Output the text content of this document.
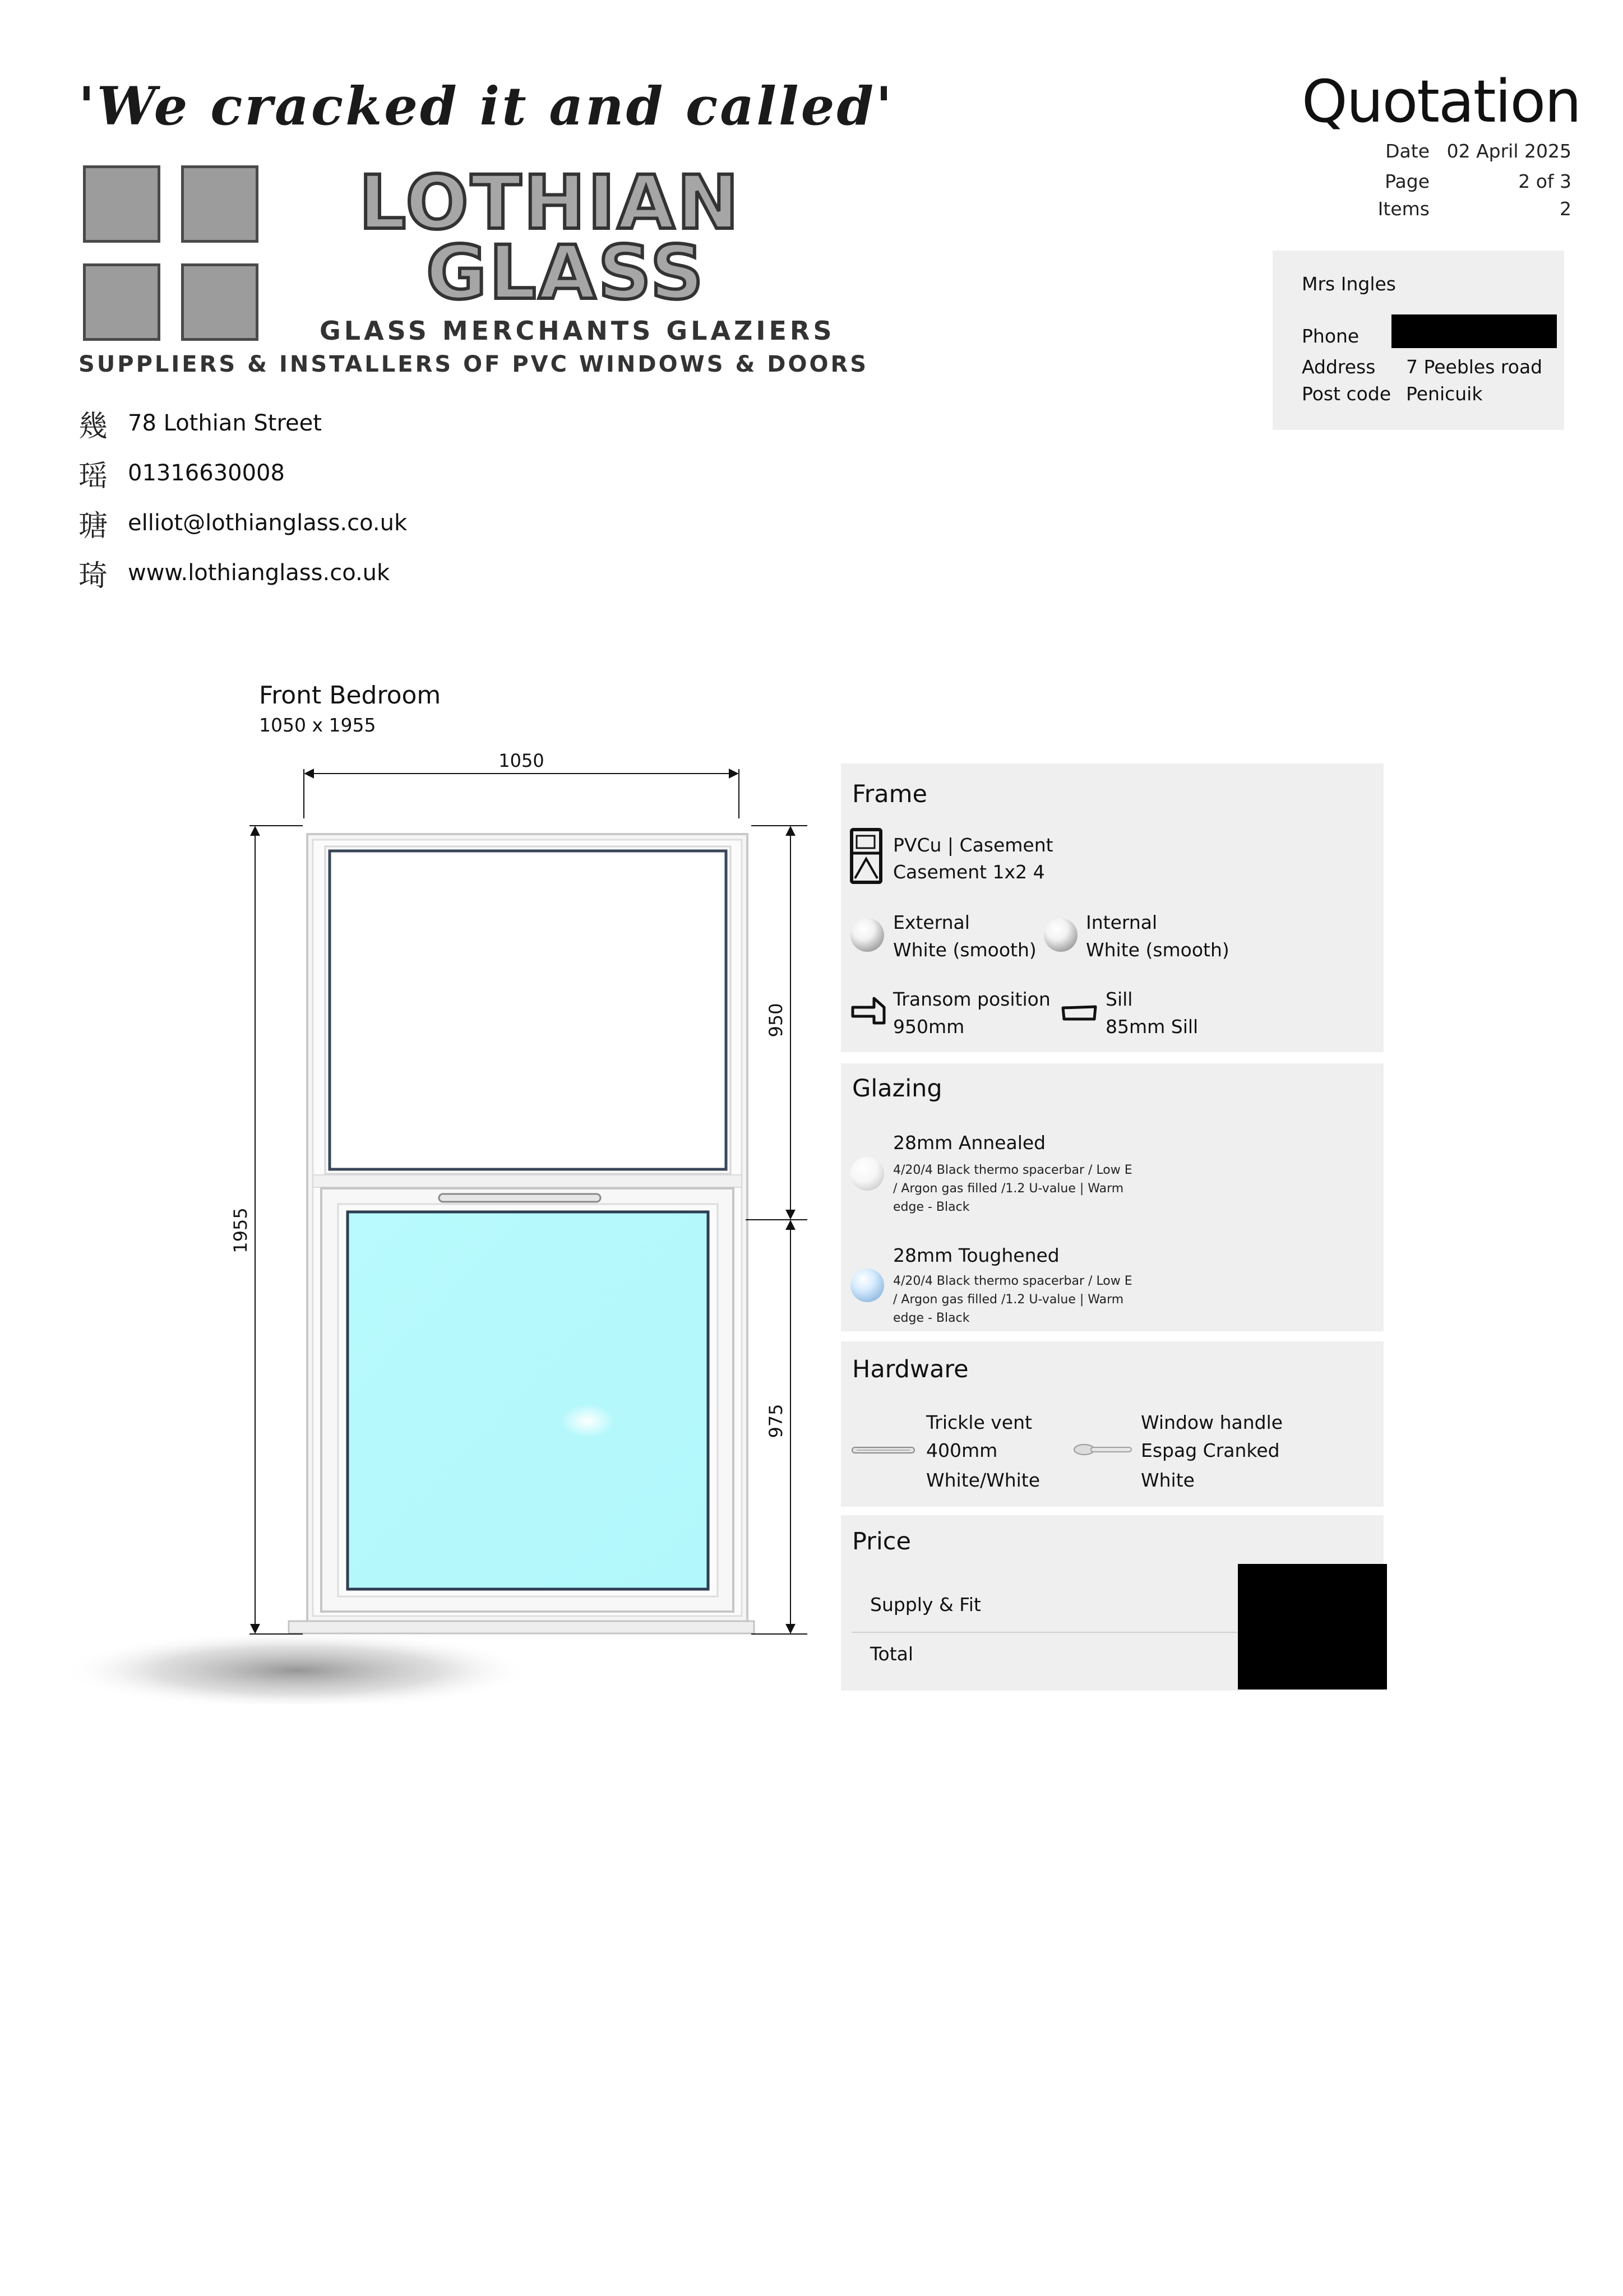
'We cracked it and called'
LOTHIAN
GLASS
GLASS MERCHANTS GLAZIERS
SUPPLIERS & INSTALLERS OF PVC WINDOWS & DOORS
幾 78 Lothian Street
瑶 01316630008
瑭 elliot@lothianglass.co.uk
琦 www.lothianglass.co.uk
Quotation
Date 02 April 2025
Page	2 of 3
Items	2
Mrs Ingles
Phone
Address 7 Peebles road
Post code Penicuik
Front Bedroom
1050 x 1955
1050
1955
950
975
Frame
PVCu | Casement
Casement 1x2 4
External
White (smooth)
Internal
White (smooth)
Transom position
950mm
Sill
85mm Sill
Glazing
28mm Annealed
4/20/4 Black thermo spacerbar / Low E / Argon gas filled /1.2 U-value | Warm edge - Black
28mm Toughened
4/20/4 Black thermo spacerbar / Low E / Argon gas filled /1.2 U-value | Warm edge - Black
Hardware
Trickle vent
400mm
White/White
Window handle
Espag Cranked
White
Price
Supply & Fit
Total
